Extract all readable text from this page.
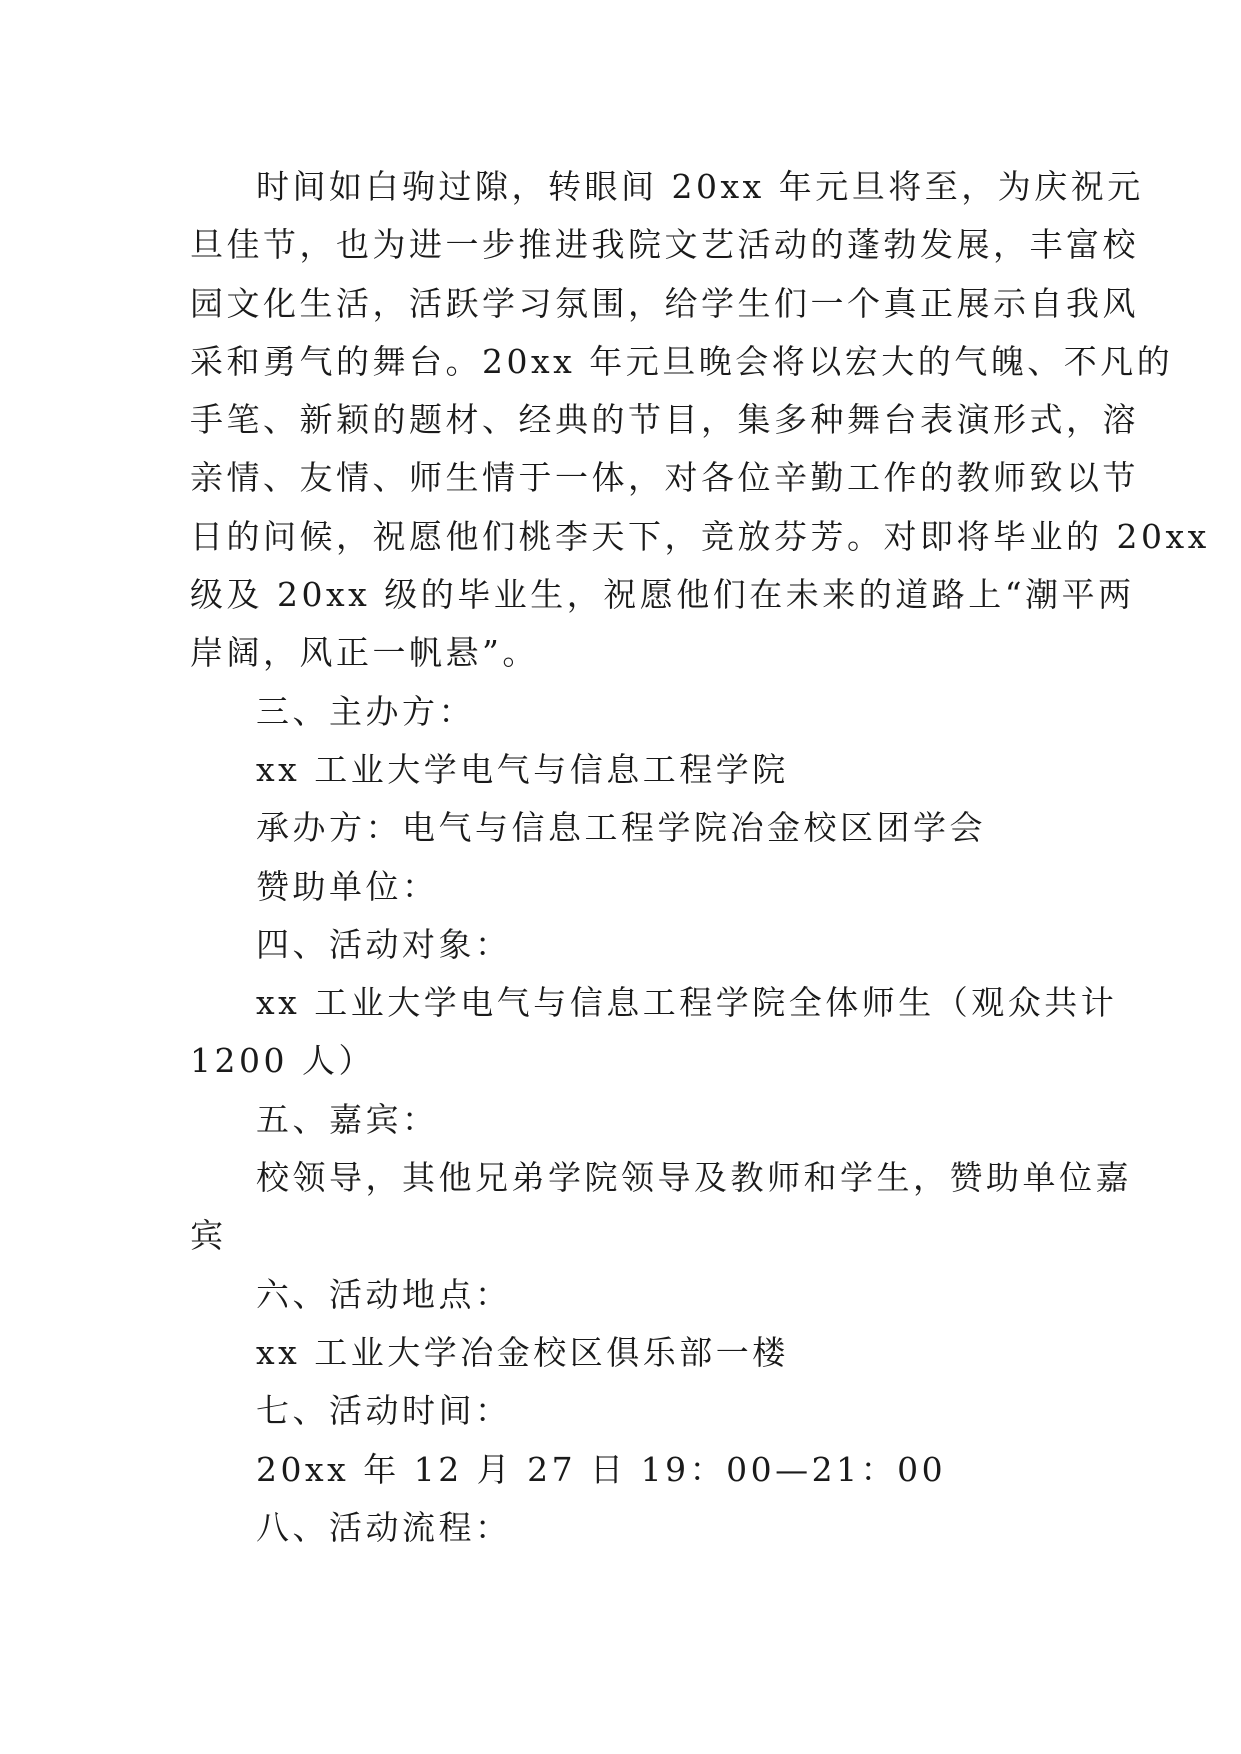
时间如白驹过隙，转眼间 20xx 年元旦将至，为庆祝元
旦佳节，也为进一步推进我院文艺活动的蓬勃发展，丰富校
园文化生活，活跃学习氛围，给学生们一个真正展示自我风
采和勇气的舞台。20xx 年元旦晚会将以宏大的气魄、不凡的
手笔、新颖的题材、经典的节目，集多种舞台表演形式，溶
亲情、友情、师生情于一体，对各位辛勤工作的教师致以节
日的问候，祝愿他们桃李天下，竞放芬芳。对即将毕业的 20xx
级及 20xx 级的毕业生，祝愿他们在未来的道路上“潮平两
岸阔，风正一帆悬”。
三、主办方：
xx 工业大学电气与信息工程学院
承办方：电气与信息工程学院冶金校区团学会
赞助单位：
四、活动对象：
xx 工业大学电气与信息工程学院全体师生（观众共计
1200 人）
五、嘉宾：
校领导，其他兄弟学院领导及教师和学生，赞助单位嘉
宾
六、活动地点：
xx 工业大学冶金校区俱乐部一楼
七、活动时间：
20xx 年 12 月 27 日 19：00—21：00
八、活动流程：
